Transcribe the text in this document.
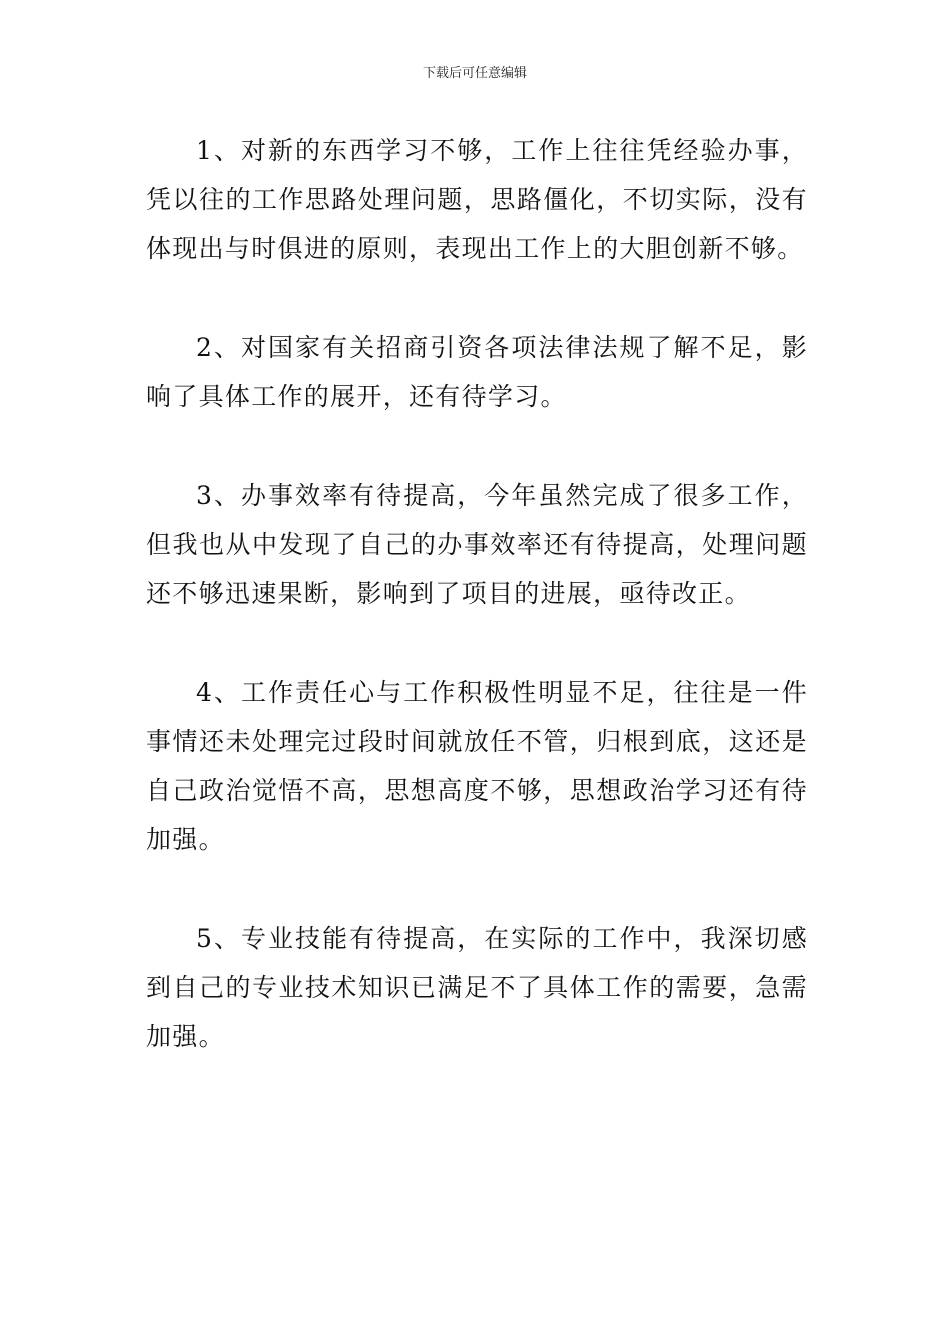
下载后可任意编辑

1、对新的东西学习不够，工作上往往凭经验办事，凭以往的工作思路处理问题，思路僵化，不切实际，没有体现出与时俱进的原则，表现出工作上的大胆创新不够。

2、对国家有关招商引资各项法律法规了解不足，影响了具体工作的展开，还有待学习。

3、办事效率有待提高，今年虽然完成了很多工作，但我也从中发现了自己的办事效率还有待提高，处理问题还不够迅速果断，影响到了项目的进展，亟待改正。

4、工作责任心与工作积极性明显不足，往往是一件事情还未处理完过段时间就放任不管，归根到底，这还是自己政治觉悟不高，思想高度不够，思想政治学习还有待加强。

5、专业技能有待提高，在实际的工作中，我深切感到自己的专业技术知识已满足不了具体工作的需要，急需加强。
